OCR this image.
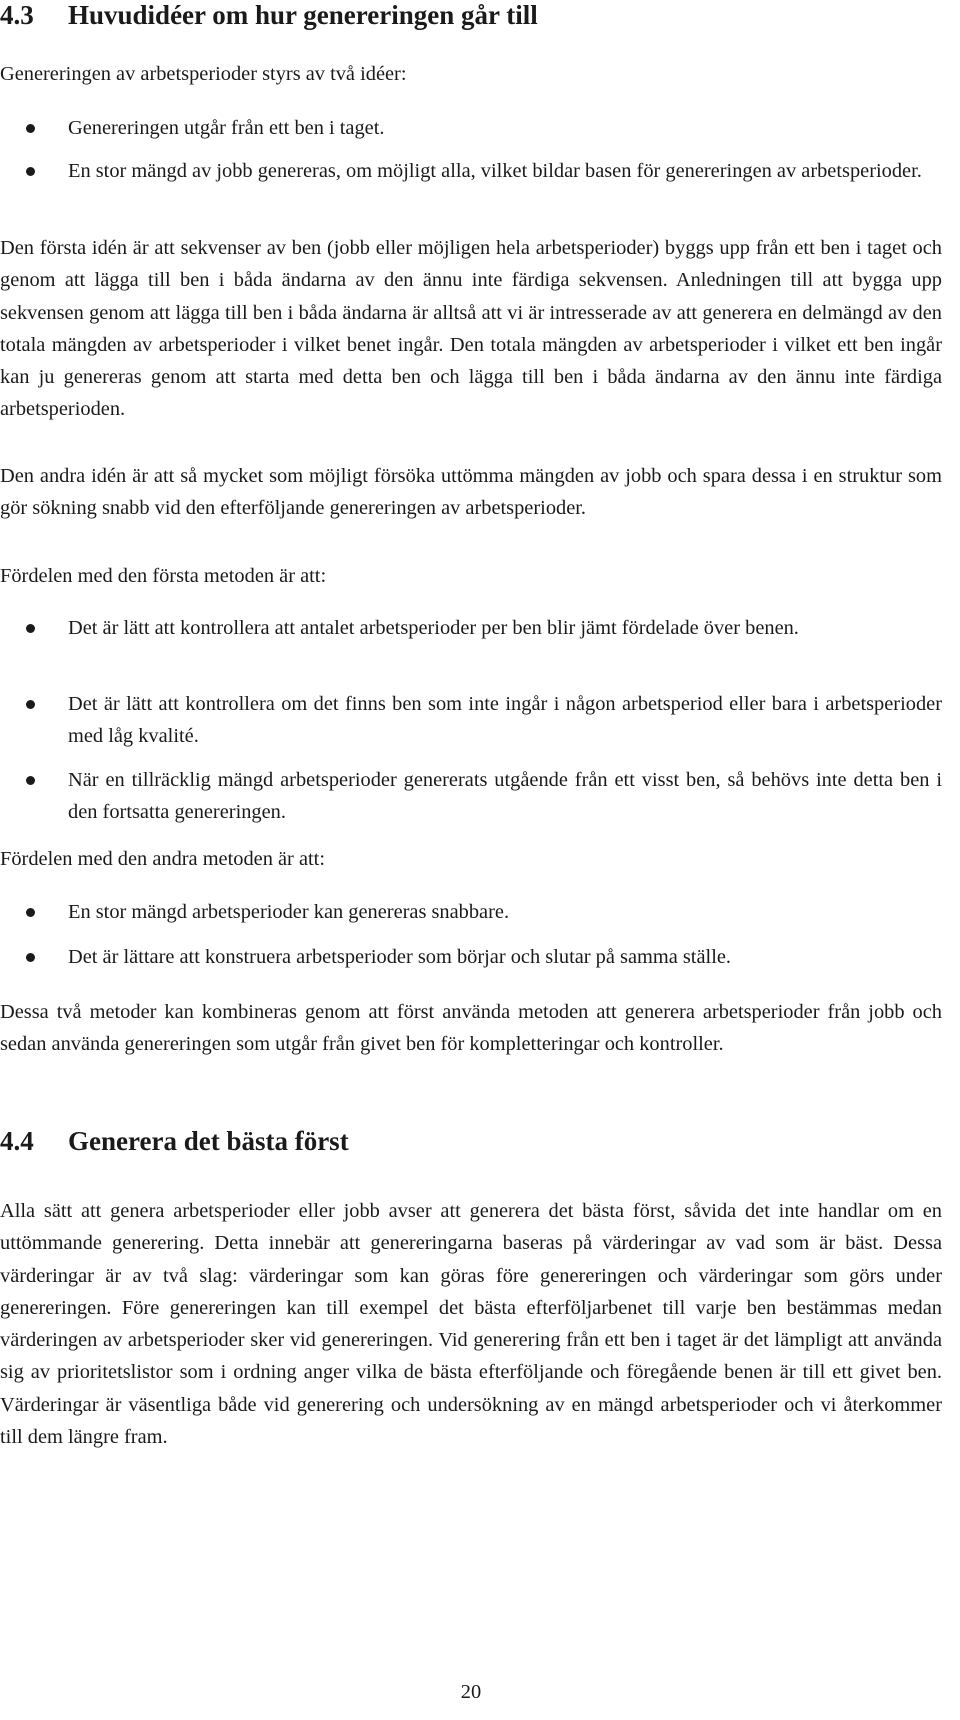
4.3 Huvudidéer om hur genereringen går till

Genereringen av arbetsperioder styrs av två idéer:

Genereringen utgår från ett ben i taget.
En stor mängd av jobb genereras, om möjligt alla, vilket bildar basen för genereringen av arbetsperioder.

Den första idén är att sekvenser av ben (jobb eller möjligen hela arbetsperioder) byggs upp från ett ben i taget och genom att lägga till ben i båda ändarna av den ännu inte färdiga sekvensen. Anledningen till att bygga upp sekvensen genom att lägga till ben i båda ändarna är alltså att vi är intresserade av att generera en delmängd av den totala mängden av arbetsperioder i vilket benet ingår. Den totala mängden av arbetsperioder i vilket ett ben ingår kan ju genereras genom att starta med detta ben och lägga till ben i båda ändarna av den ännu inte färdiga arbetsperioden.

Den andra idén är att så mycket som möjligt försöka uttömma mängden av jobb och spara dessa i en struktur som gör sökning snabb vid den efterföljande genereringen av arbetsperioder.

Fördelen med den första metoden är att:

Det är lätt att kontrollera att antalet arbetsperioder per ben blir jämt fördelade över benen.
Det är lätt att kontrollera om det finns ben som inte ingår i någon arbetsperiod eller bara i arbetsperioder med låg kvalité.
När en tillräcklig mängd arbetsperioder genererats utgående från ett visst ben, så behövs inte detta ben i den fortsatta genereringen.

Fördelen med den andra metoden är att:

En stor mängd arbetsperioder kan genereras snabbare.
Det är lättare att konstruera arbetsperioder som börjar och slutar på samma ställe.

Dessa två metoder kan kombineras genom att först använda metoden att generera arbetsperioder från jobb och sedan använda genereringen som utgår från givet ben för kompletteringar och kontroller.

4.4 Generera det bästa först

Alla sätt att genera arbetsperioder eller jobb avser att generera det bästa först, såvida det inte handlar om en uttömmande generering. Detta innebär att genereringarna baseras på värderingar av vad som är bäst. Dessa värderingar är av två slag: värderingar som kan göras före genereringen och värderingar som görs under genereringen. Före genereringen kan till exempel det bästa efterföljarbenet till varje ben bestämmas medan värderingen av arbetsperioder sker vid genereringen. Vid generering från ett ben i taget är det lämpligt att använda sig av prioritetslistor som i ordning anger vilka de bästa efterföljande och föregående benen är till ett givet ben. Värderingar är väsentliga både vid generering och undersökning av en mängd arbetsperioder och vi återkommer till dem längre fram.

20
